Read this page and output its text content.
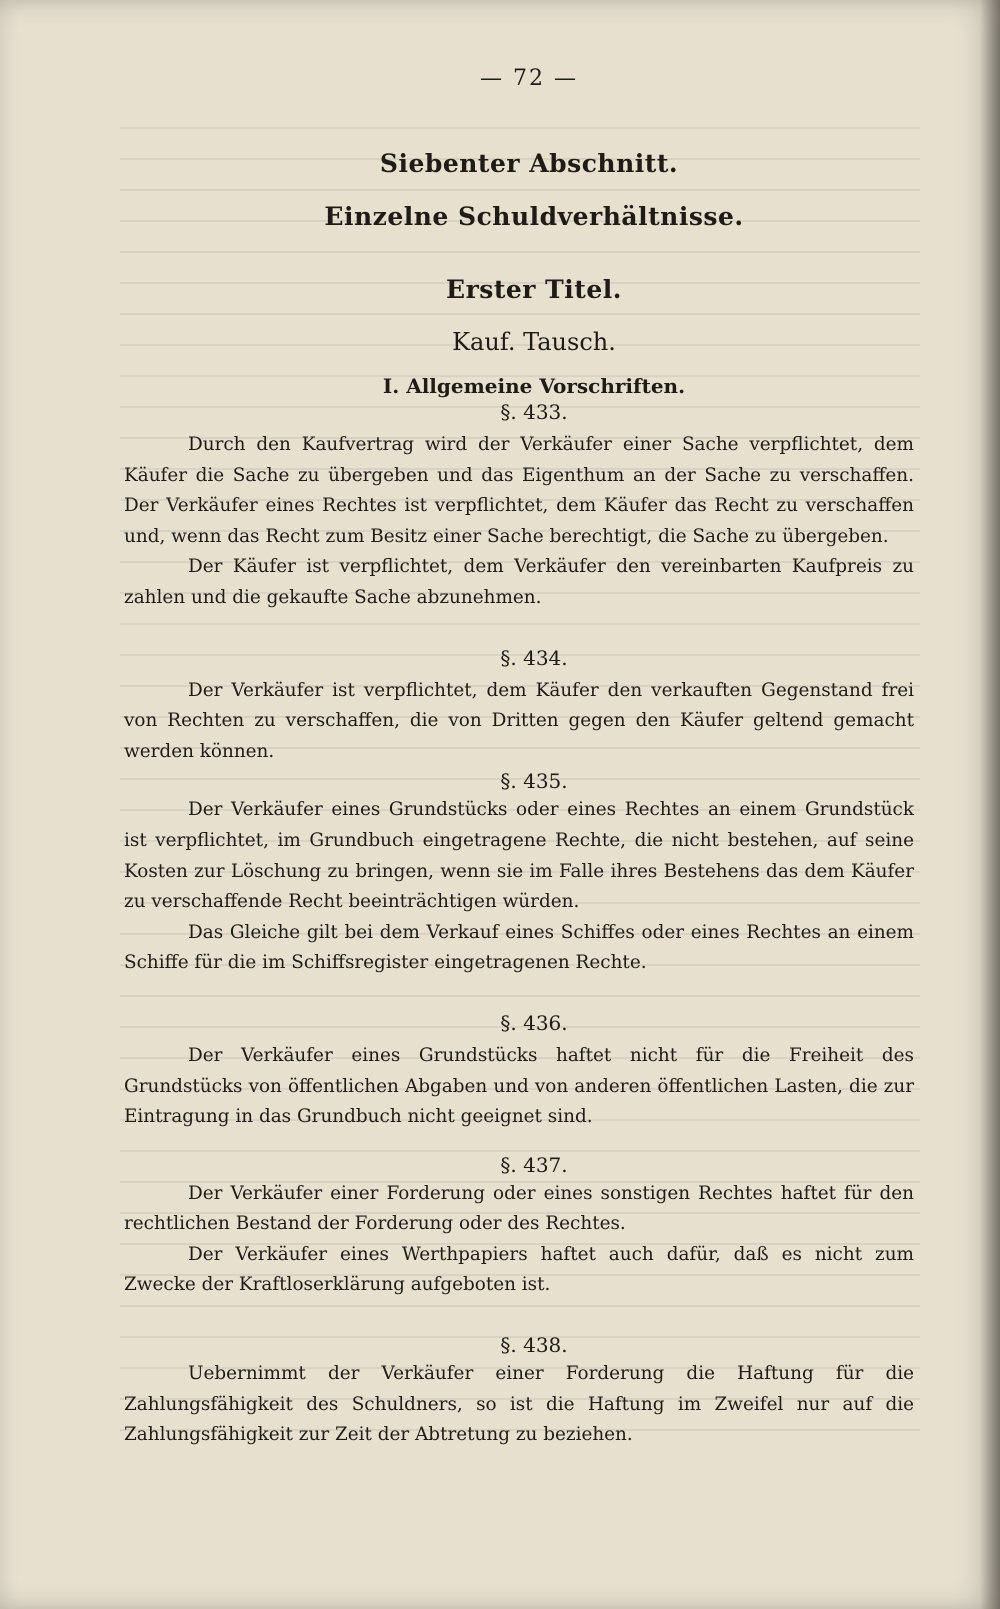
— 72 —
Siebenter Abschnitt.
Einzelne Schuldverhältnisse.
Erster Titel.
Kauf. Tausch.
I. Allgemeine Vorschriften.
§. 433.

Durch den Kaufvertrag wird der Verkäufer einer Sache verpflichtet, dem Käufer die Sache zu übergeben und das Eigenthum an der Sache zu verschaffen. Der Verkäufer eines Rechtes ist verpflichtet, dem Käufer das Recht zu verschaffen und, wenn das Recht zum Besitz einer Sache berechtigt, die Sache zu übergeben.

Der Käufer ist verpflichtet, dem Verkäufer den vereinbarten Kaufpreis zu zahlen und die gekaufte Sache abzunehmen.

§. 434.

Der Verkäufer ist verpflichtet, dem Käufer den verkauften Gegenstand frei von Rechten zu verschaffen, die von Dritten gegen den Käufer geltend gemacht werden können.

§. 435.

Der Verkäufer eines Grundstücks oder eines Rechtes an einem Grundstück ist verpflichtet, im Grundbuch eingetragene Rechte, die nicht bestehen, auf seine Kosten zur Löschung zu bringen, wenn sie im Falle ihres Bestehens das dem Käufer zu verschaffende Recht beeinträchtigen würden.

Das Gleiche gilt bei dem Verkauf eines Schiffes oder eines Rechtes an einem Schiffe für die im Schiffsregister eingetragenen Rechte.

§. 436.

Der Verkäufer eines Grundstücks haftet nicht für die Freiheit des Grundstücks von öffentlichen Abgaben und von anderen öffentlichen Lasten, die zur Eintragung in das Grundbuch nicht geeignet sind.

§. 437.

Der Verkäufer einer Forderung oder eines sonstigen Rechtes haftet für den rechtlichen Bestand der Forderung oder des Rechtes.

Der Verkäufer eines Werthpapiers haftet auch dafür, daß es nicht zum Zwecke der Kraftloserklärung aufgeboten ist.

§. 438.

Uebernimmt der Verkäufer einer Forderung die Haftung für die Zahlungsfähigkeit des Schuldners, so ist die Haftung im Zweifel nur auf die Zahlungsfähigkeit zur Zeit der Abtretung zu beziehen.
